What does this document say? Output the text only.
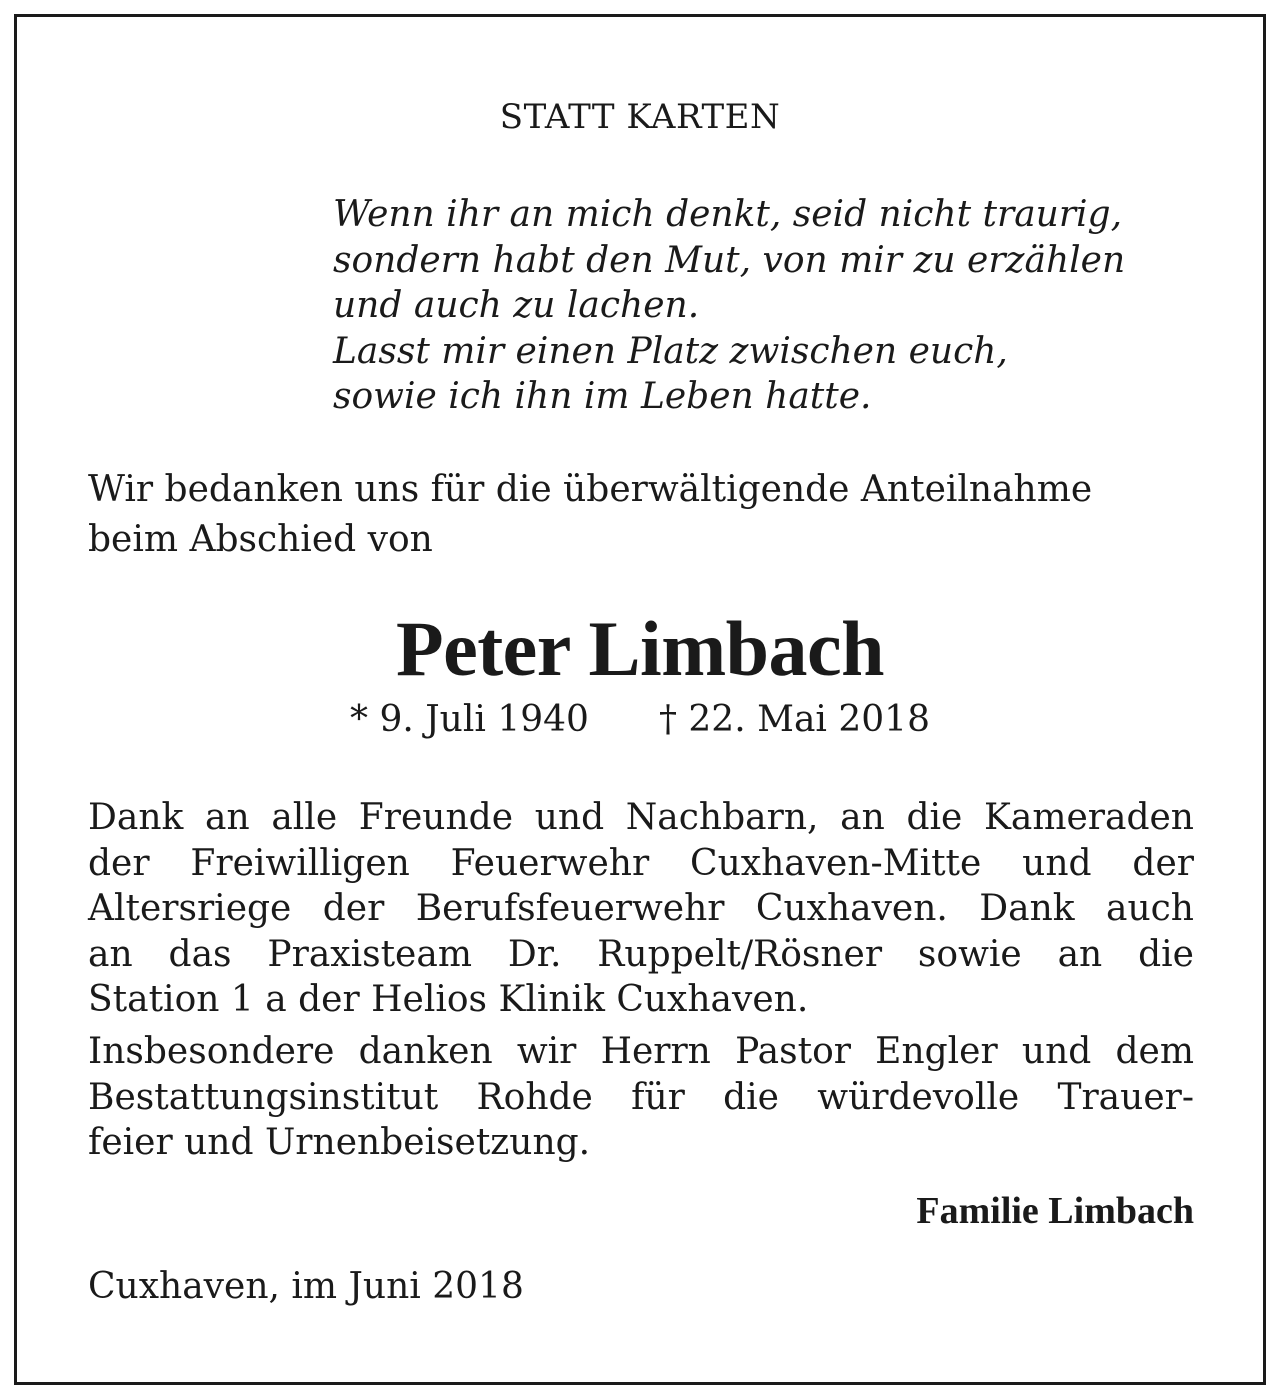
STATT KARTEN
Wenn ihr an mich denkt, seid nicht traurig,
sondern habt den Mut, von mir zu erzählen
und auch zu lachen.
Lasst mir einen Platz zwischen euch,
sowie ich ihn im Leben hatte.
Wir bedanken uns für die überwältigende Anteilnahme
beim Abschied von
Peter Limbach
* 9. Juli 1940 † 22. Mai 2018
Dank an alle Freunde und Nachbarn, an die Kameraden
der Freiwilligen Feuerwehr Cuxhaven-Mitte und der
Altersriege der Berufsfeuerwehr Cuxhaven. Dank auch
an das Praxisteam Dr. Ruppelt/Rösner sowie an die
Station 1 a der Helios Klinik Cuxhaven.
Insbesondere danken wir Herrn Pastor Engler und dem
Bestattungsinstitut Rohde für die würdevolle Trauer-
feier und Urnenbeisetzung.
Familie Limbach
Cuxhaven, im Juni 2018
